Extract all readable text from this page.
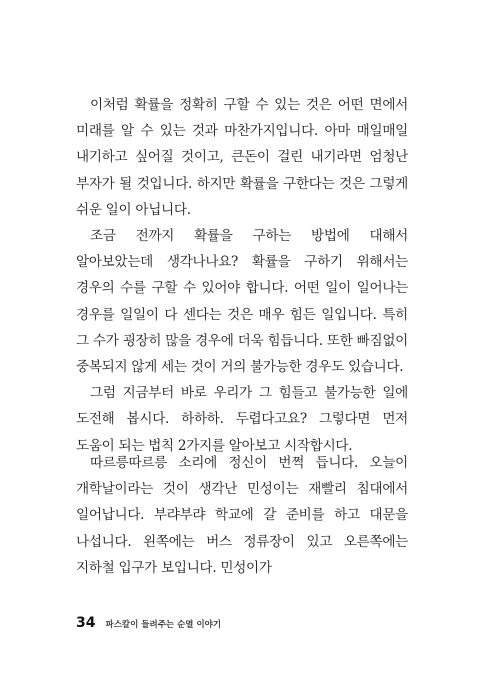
이처럼 확률을 정확히 구할 수 있는 것은 어떤 면에서 미래를 알 수 있는 것과 마찬가지입니다. 아마 매일매일 내기하고 싶어질 것이고, 큰돈이 걸린 내기라면 엄청난 부자가 될 것입니다. 하지만 확률을 구한다는 것은 그렇게 쉬운 일이 아닙니다.

조금 전까지 확률을 구하는 방법에 대해서 알아보았는데 생각나나요? 확률을 구하기 위해서는 경우의 수를 구할 수 있어야 합니다. 어떤 일이 일어나는 경우를 일일이 다 센다는 것은 매우 힘든 일입니다. 특히 그 수가 굉장히 많을 경우에 더욱 힘듭니다. 또한 빠짐없이 중복되지 않게 세는 것이 거의 불가능한 경우도 있습니다.

그럼 지금부터 바로 우리가 그 힘들고 불가능한 일에 도전해 봅시다. 하하하. 두렵다고요? 그렇다면 먼저 도움이 되는 법칙 2가지를 알아보고 시작합시다.

따르릉따르릉 소리에 정신이 번쩍 듭니다. 오늘이 개학날이라는 것이 생각난 민성이는 재빨리 침대에서 일어납니다. 부랴부랴 학교에 갈 준비를 하고 대문을 나섭니다. 왼쪽에는 버스 정류장이 있고 오른쪽에는 지하철 입구가 보입니다. 민성이가

34 파스칼이 들려주는 순열 이야기
